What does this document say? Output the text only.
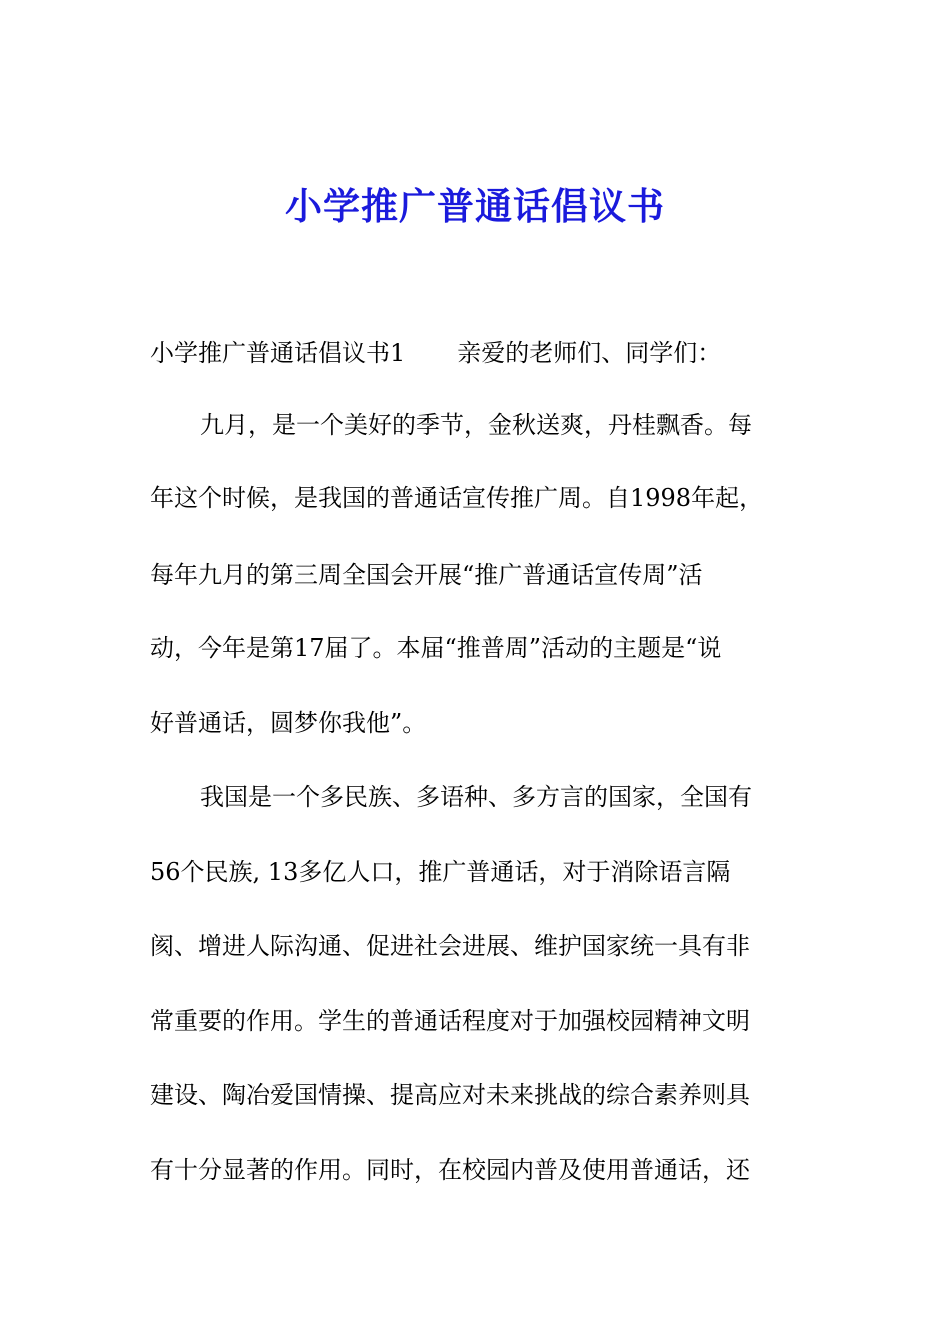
小学推广普通话倡议书
小学推广普通话倡议书1 亲爱的老师们、同学们：
九月，是一个美好的季节，金秋送爽，丹桂飘香。每
年这个时候，是我国的普通话宣传推广周。自1998年起，
每年九月的第三周全国会开展“推广普通话宣传周”活
动，今年是第17届了。本届“推普周”活动的主题是“说
好普通话，圆梦你我他”。
我国是一个多民族、多语种、多方言的国家，全国有
56个民族, 13多亿人口，推广普通话，对于消除语言隔
阂、增进人际沟通、促进社会进展、维护国家统一具有非
常重要的作用。学生的普通话程度对于加强校园精神文明
建设、陶冶爱国情操、提高应对未来挑战的综合素养则具
有十分显著的作用。同时，在校园内普及使用普通话，还
